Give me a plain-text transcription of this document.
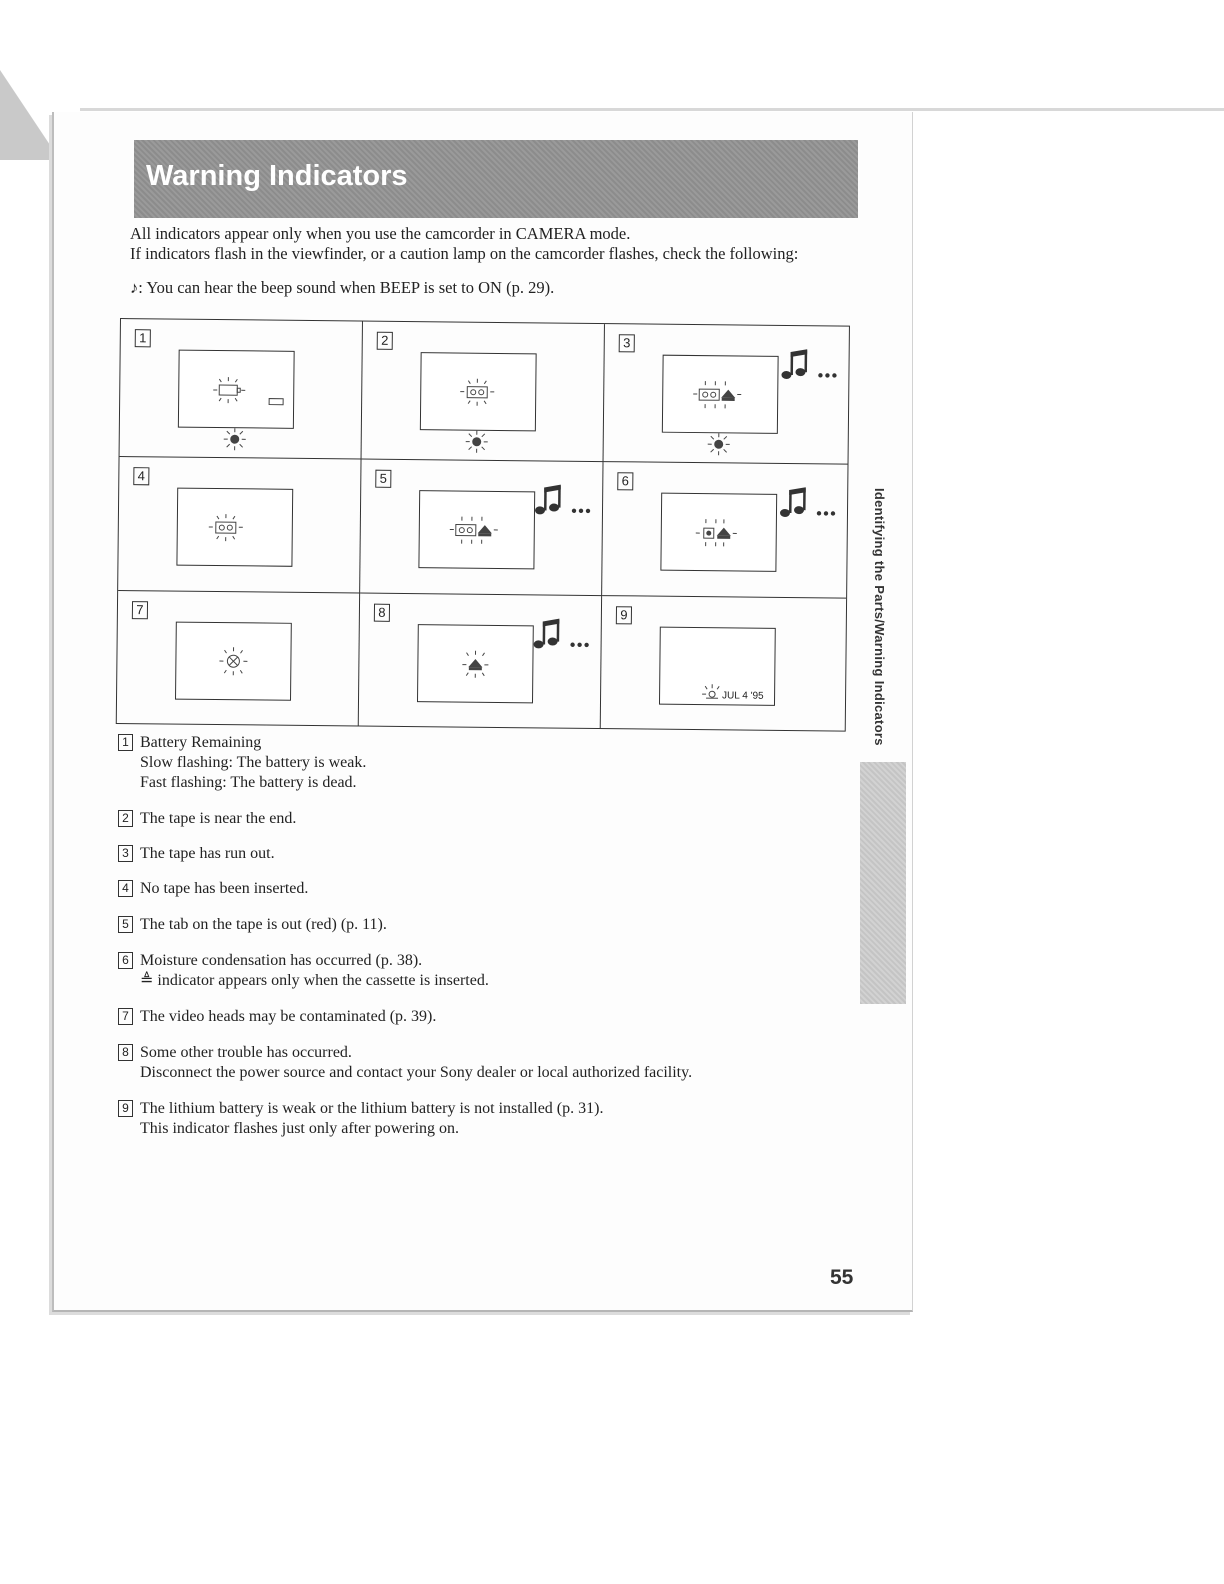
Warning Indicators
All indicators appear only when you use the camcorder in CAMERA mode.
If indicators flash in the viewfinder, or a caution lamp on the camcorder flashes, check the following:
♪: You can hear the beep sound when BEEP is set to ON (p. 29).
1	2	3
4	5	6
7	8	9
JUL 4 '95
1 Battery Remaining
Slow flashing: The battery is weak.
Fast flashing: The battery is dead.
2 The tape is near the end.
3 The tape has run out.
4 No tape has been inserted.
5 The tab on the tape is out (red) (p. 11).
6 Moisture condensation has occurred (p. 38).
≜ indicator appears only when the cassette is inserted.
7 The video heads may be contaminated (p. 39).
8 Some other trouble has occurred.
Disconnect the power source and contact your Sony dealer or local authorized facility.
9 The lithium battery is weak or the lithium battery is not installed (p. 31).
This indicator flashes just only after powering on.
Identifying the Parts/Warning Indicators
55
